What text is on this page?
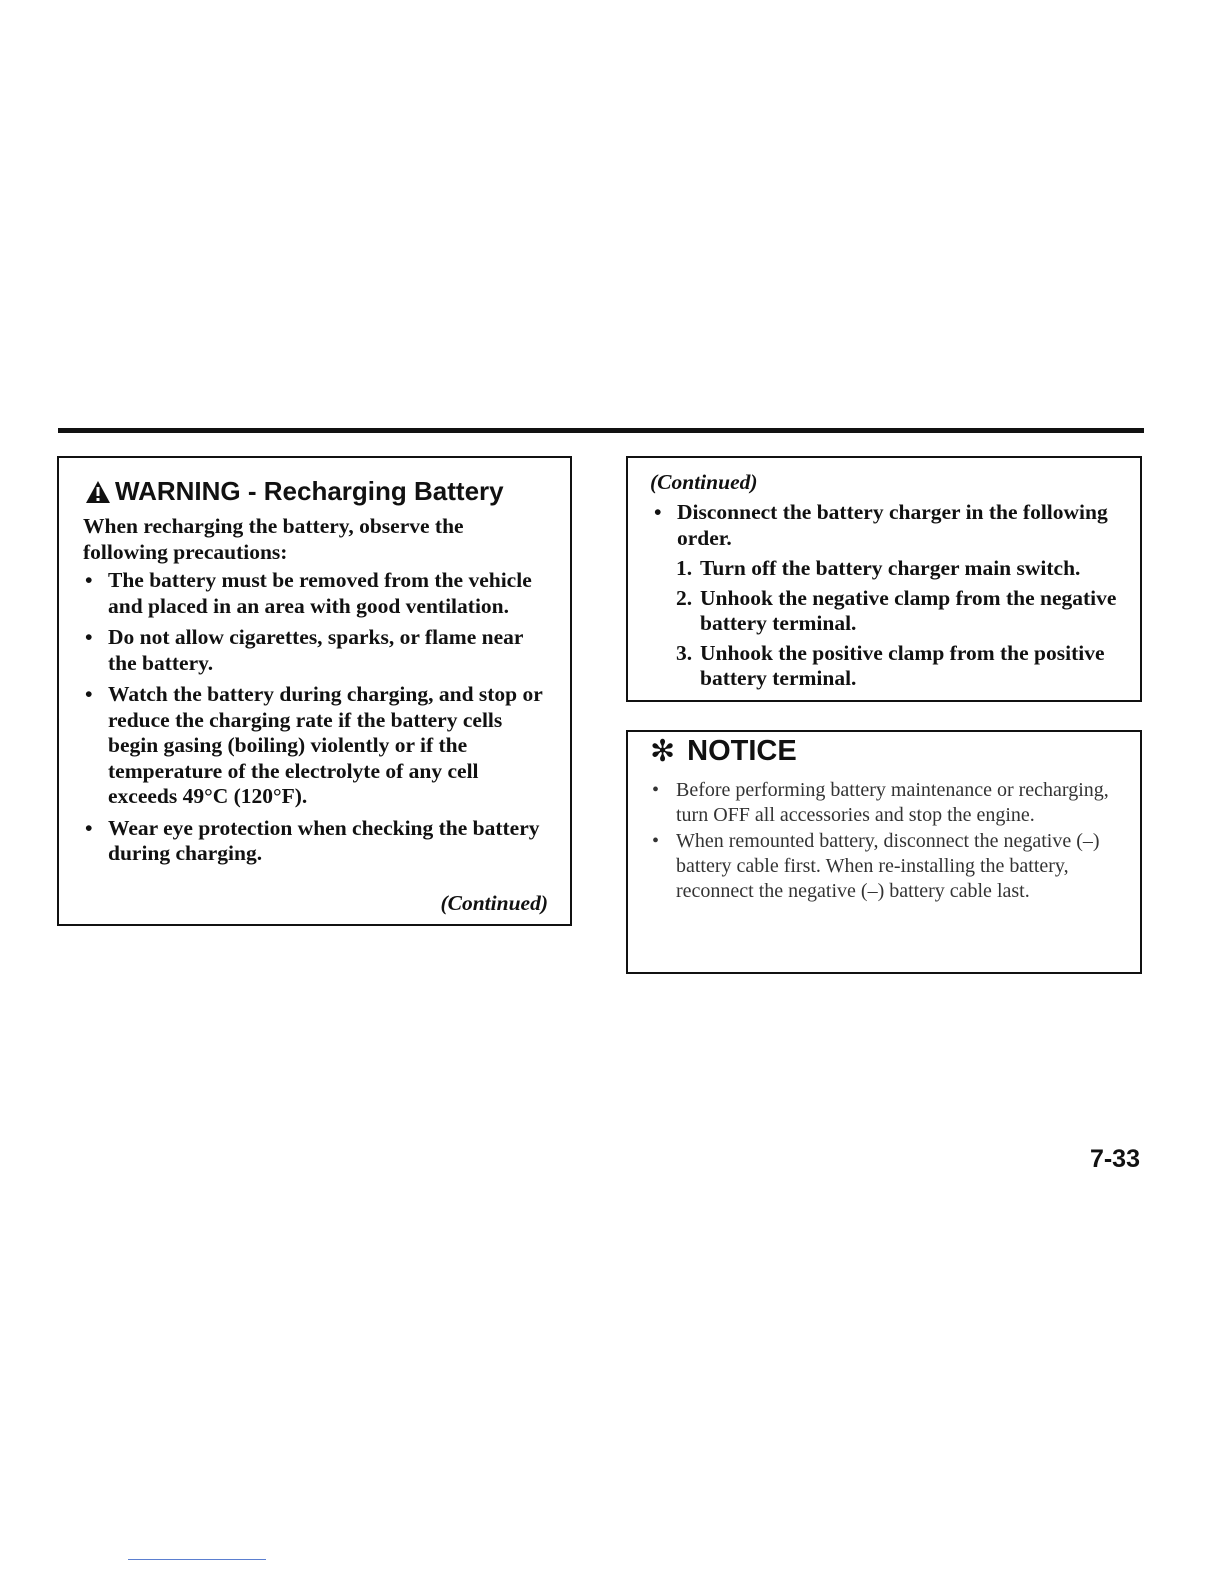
WARNING - Recharging Battery
When recharging the battery, observe the following precautions:
• The battery must be removed from the vehicle and placed in an area with good ventilation.
• Do not allow cigarettes, sparks, or flame near the battery.
• Watch the battery during charging, and stop or reduce the charging rate if the battery cells begin gasing (boiling) violently or if the temperature of the electrolyte of any cell exceeds 49°C (120°F).
• Wear eye protection when checking the battery during charging.
(Continued)
(Continued)
• Disconnect the battery charger in the following order.
1. Turn off the battery charger main switch.
2. Unhook the negative clamp from the negative battery terminal.
3. Unhook the positive clamp from the positive battery terminal.
✻ NOTICE
• Before performing battery maintenance or recharging, turn OFF all accessories and stop the engine.
• When remounted battery, disconnect the negative (–) battery cable first. When re-installing the battery, reconnect the negative (–) battery cable last.
7-33
